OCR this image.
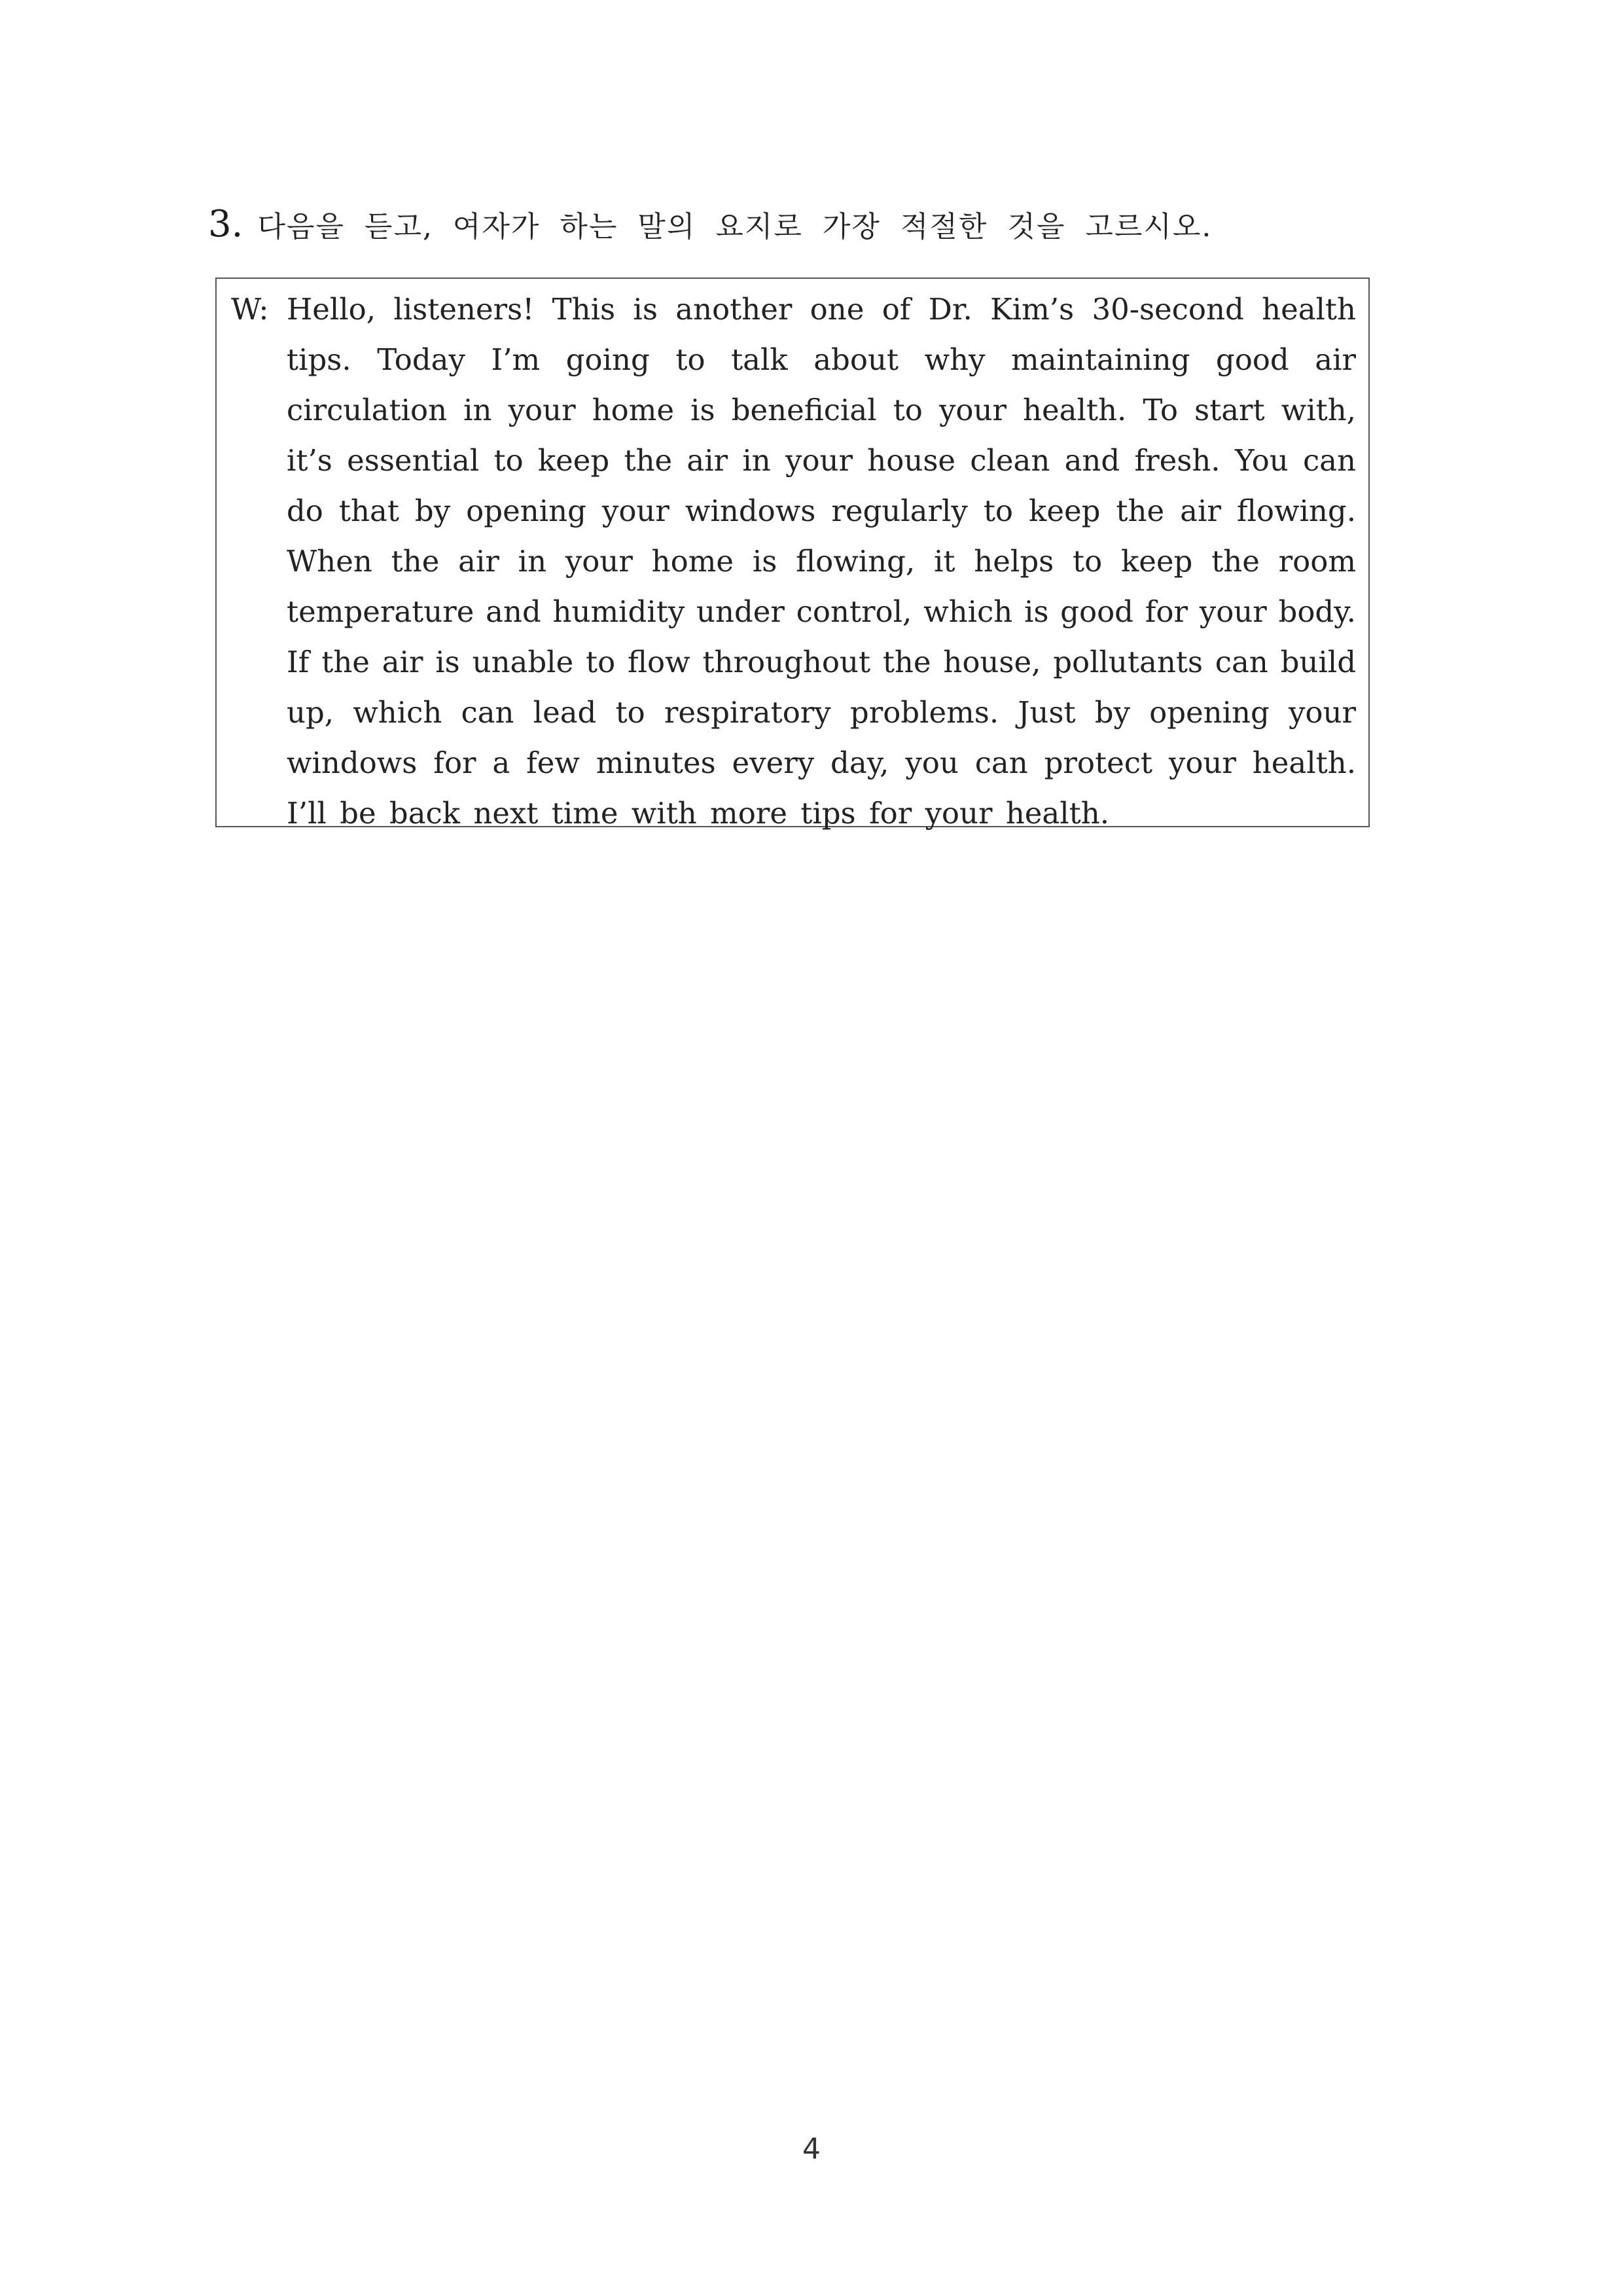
3. 다음을 듣고, 여자가 하는 말의 요지로 가장 적절한 것을 고르시오.
W: Hello, listeners! This is another one of Dr. Kim’s 30-second health
tips. Today I’m going to talk about why maintaining good air
circulation in your home is beneficial to your health. To start with,
it’s essential to keep the air in your house clean and fresh. You can
do that by opening your windows regularly to keep the air flowing.
When the air in your home is flowing, it helps to keep the room
temperature and humidity under control, which is good for your body.
If the air is unable to flow throughout the house, pollutants can build
up, which can lead to respiratory problems. Just by opening your
windows for a few minutes every day, you can protect your health.
I’ll be back next time with more tips for your health.
4
